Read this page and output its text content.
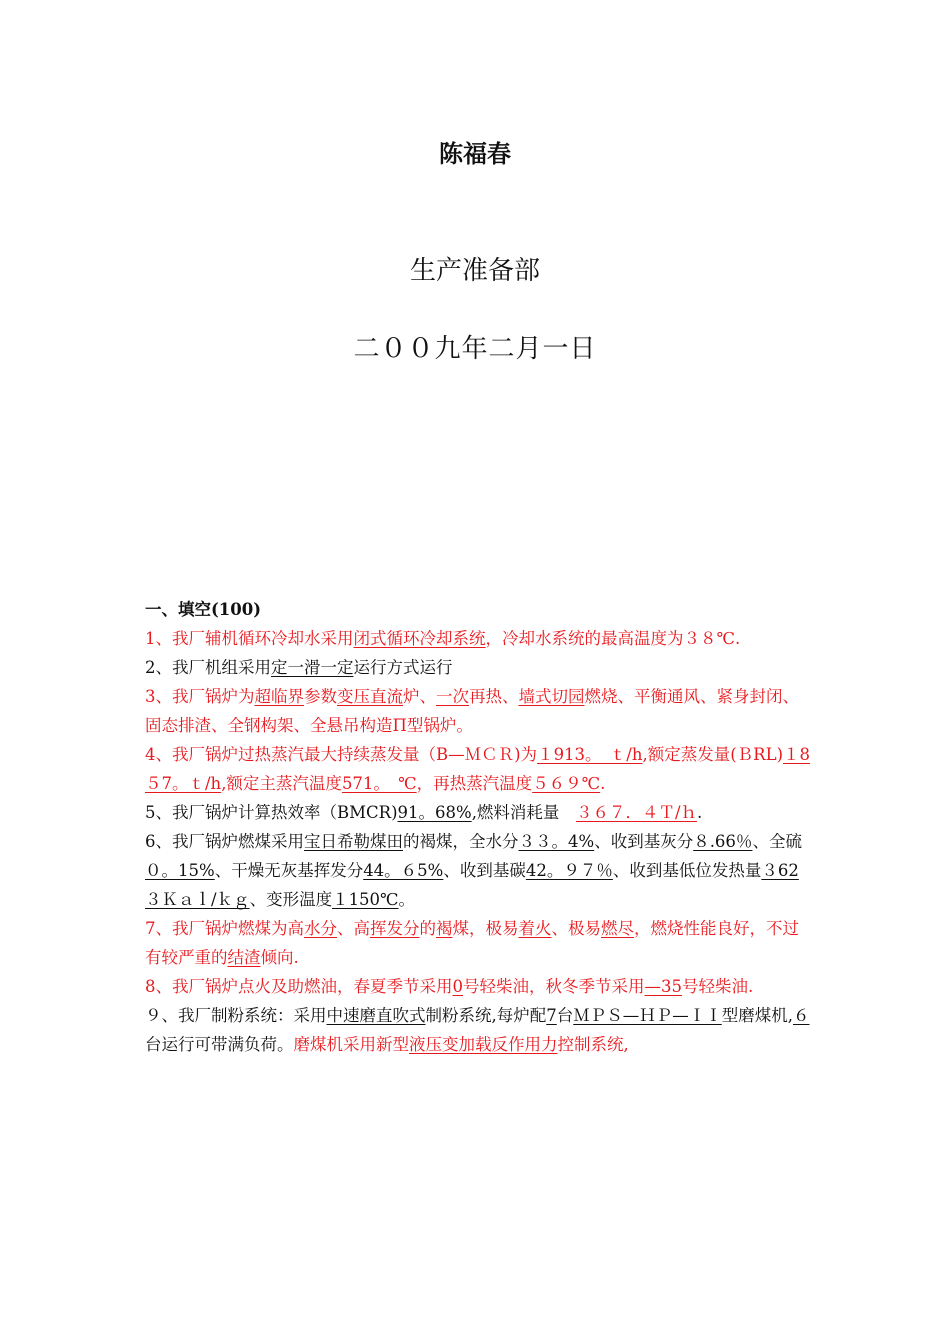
陈福春
生产准备部
二００九年二月一日
一、填空(100)
1、我厂辅机循环冷却水采用闭式循环冷却系统，冷却水系统的最高温度为３８℃.
2、我厂机组采用定一滑一定运行方式运行
3、我厂锅炉为超临界参数变压直流炉、一次再热、墙式切园燃烧、平衡通风、紧身封闭、固态排渣、全钢构架、全悬吊构造Π型锅炉。
4、我厂锅炉过热蒸汽最大持续蒸发量（B—ＭＣＲ)为１913。　ｔ/h,额定蒸发量(ＢRL)１8５7。ｔ/h,额定主蒸汽温度571。　℃，再热蒸汽温度５６９℃.
5、我厂锅炉计算热效率（BMCR)91。68%,燃料消耗量　３６７．４Ｔ/ｈ.
6、我厂锅炉燃煤采用宝日希勒煤田的褐煤，全水分３３。4%、收到基灰分８.66％、全硫０。15%、干燥无灰基挥发分44。６5%、收到基碳42。９７％、收到基低位发热量３62３Ｋａｌ/ｋｇ、变形温度１150℃。
7、我厂锅炉燃煤为高水分、高挥发分的褐煤，极易着火、极易燃尽，燃烧性能良好，不过有较严重的结渣倾向.
8、我厂锅炉点火及助燃油，春夏季节采用0号轻柴油，秋冬季节采用—35号轻柴油.
９、我厂制粉系统：采用中速磨直吹式制粉系统,每炉配7台ＭＰＳ—ＨＰ—ＩＩ型磨煤机,６台运行可带满负荷。磨煤机采用新型液压变加载反作用力控制系统,
